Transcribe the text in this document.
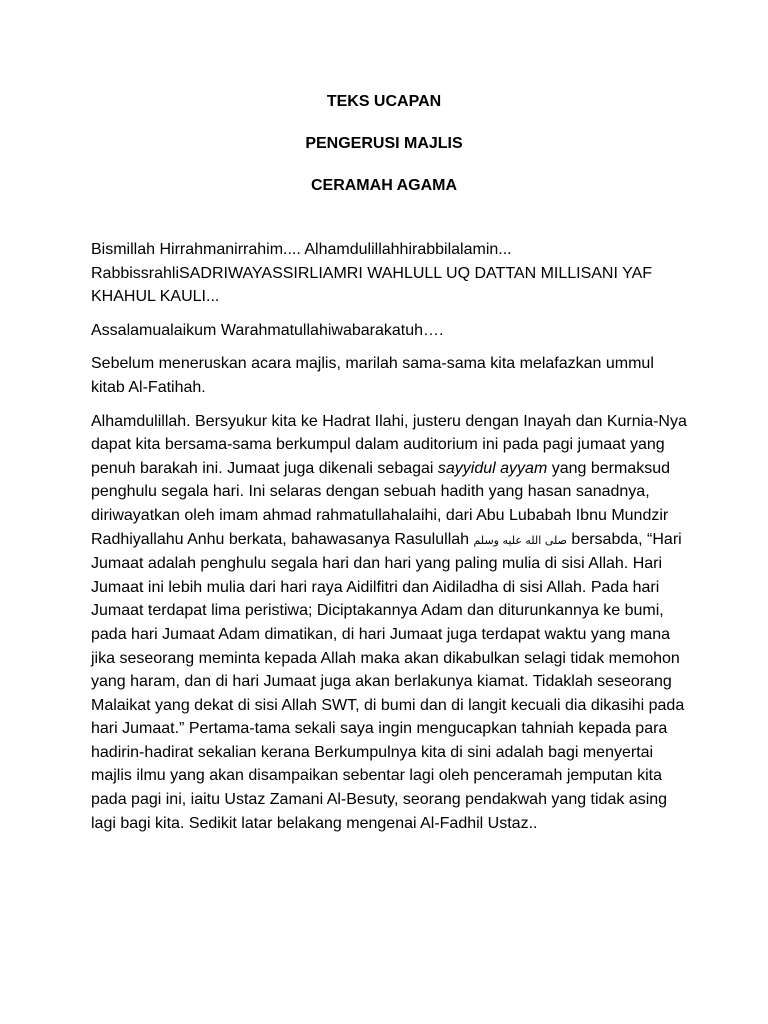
TEKS UCAPAN
PENGERUSI MAJLIS
CERAMAH AGAMA

Bismillah Hirrahmanirrahim.... Alhamdulillahhirabbilalamin... RabbissrahliSADRIWAYASSIRLIAMRI WAHLULL UQ DATTAN MILLISANI YAF KHAHUL KAULI...

Assalamualaikum Warahmatullahiwabarakatuh….

Sebelum meneruskan acara majlis, marilah sama-sama kita melafazkan ummul kitab Al-Fatihah.

Alhamdulillah. Bersyukur kita ke Hadrat Ilahi, justeru dengan Inayah dan Kurnia-Nya dapat kita bersama-sama berkumpul dalam auditorium ini pada pagi jumaat yang penuh barakah ini. Jumaat juga dikenali sebagai sayyidul ayyam yang bermaksud penghulu segala hari. Ini selaras dengan sebuah hadith yang hasan sanadnya, diriwayatkan oleh imam ahmad rahmatullahalaihi, dari Abu Lubabah Ibnu Mundzir Radhiyallahu Anhu berkata, bahawasanya Rasulullah صلى الله عليه وسلم bersabda, “Hari Jumaat adalah penghulu segala hari dan hari yang paling mulia di sisi Allah. Hari Jumaat ini lebih mulia dari hari raya Aidilfitri dan Aidiladha di sisi Allah. Pada hari Jumaat terdapat lima peristiwa; Diciptakannya Adam dan diturunkannya ke bumi, pada hari Jumaat Adam dimatikan, di hari Jumaat juga terdapat waktu yang mana jika seseorang meminta kepada Allah maka akan dikabulkan selagi tidak memohon yang haram, dan di hari Jumaat juga akan berlakunya kiamat. Tidaklah seseorang Malaikat yang dekat di sisi Allah SWT, di bumi dan di langit kecuali dia dikasihi pada hari Jumaat.” Pertama-tama sekali saya ingin mengucapkan tahniah kepada para hadirin-hadirat sekalian kerana Berkumpulnya kita di sini adalah bagi menyertai majlis ilmu yang akan disampaikan sebentar lagi oleh penceramah jemputan kita pada pagi ini, iaitu Ustaz Zamani Al-Besuty, seorang pendakwah yang tidak asing lagi bagi kita. Sedikit latar belakang mengenai Al-Fadhil Ustaz..
